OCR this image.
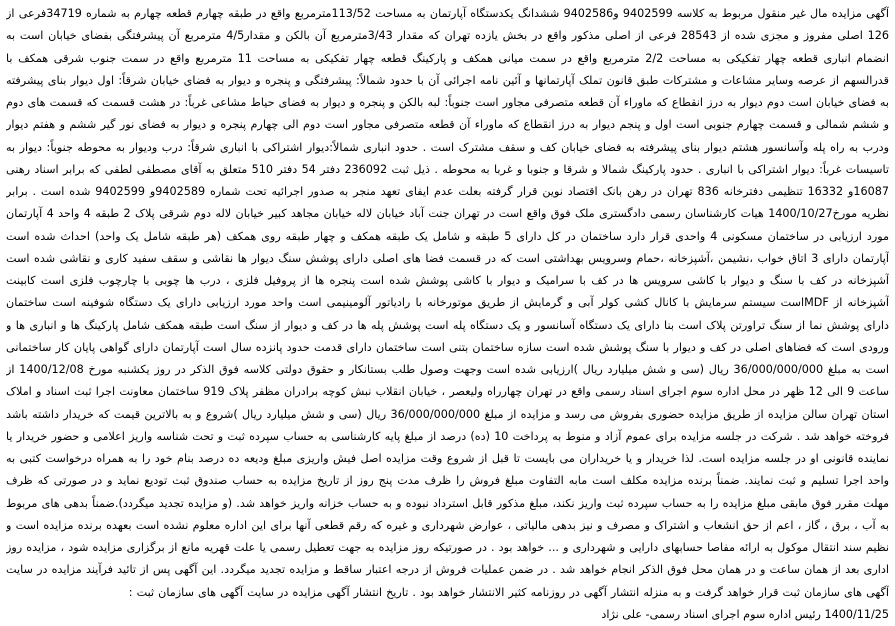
آگهی مزایده مال غیر منقول مربوط به کلاسه 9402599 و9402586 ششدانگ یکدستگاه آپارتمان به مساحت 113/52مترمربع واقع در طبقه چهارم قطعه چهارم به شماره 34719فرعی از 126 اصلی مفروز و مجزی شده از 28543 فرعی از اصلی مذکور واقع در بخش یازده تهران که مقدار 3/43مترمربع آن بالکن و مقدار4/5 مترمربع آن پیشرفتگی بفضای خیابان است به انضمام انباری قطعه چهار تفکیکی به مساحت 2/2 مترمربع واقع در سمت میانی همکف و پارکینگ قطعه چهار تفکیکی به مساحت 11 مترمربع واقع در سمت جنوب شرقی همکف با قدرالسهم از عرصه وسایر مشاعات و مشترکات طبق قانون تملک آپارتمانها و آئین نامه اجرائی آن با حدود شمالاً: پیشرفتگی و پنجره و دیوار به فضای خیابان شرقاً: اول دیوار بنای پیشرفته به فضای خیابان است دوم دیوار به درز انقطاع که ماوراء آن قطعه متصرفی مجاور است جنوباً: لبه بالکن و پنجره و دیوار به فضای حیاط مشاعی غرباً: در هشت قسمت که قسمت های دوم و ششم شمالی و قسمت چهارم جنوبی است اول و پنجم دیوار به درز انقطاع که ماوراء آن قطعه متصرفی مجاور است دوم الی چهارم پنجره و دیوار به فضای نور گیر ششم و هفتم دیوار ودرب به راه پله وآسانسور هشتم دیوار بنای پیشرفته به فضای خیابان کف و سقف مشترک است . حدود انباری شمالاً:دیوار اشتراکی با انباری شرقاً: درب ودیوار به محوطه جنوباً: دیوار به تاسیسات غرباً: دیوار اشتراکی با انباری . حدود پارکینگ شمالا و شرقا و جنوبا و غربا به محوطه . ذیل ثبت 236092 دفتر 54 دفتر 510 متعلق به آقای مصطفی لطفی که برابر اسناد رهنی 16087و 16332 تنظیمی دفترخانه 836 تهران در رهن بانک اقتصاد نوین قرار گرفته بعلت عدم ایفای تعهد منجر به صدور اجرائیه تحت شماره 9402589و 9402599 شده است . برابر نظریه مورخ1400/10/27 هیات کارشناسان رسمی دادگستری ملک فوق واقع است در تهران جنت آباد خیابان لاله خیابان مجاهد کبیر خیابان لاله دوم شرقی پلاک 2 طبقه 4 واحد 4 آپارتمان مورد ارزیابی در ساختمان مسکونی 4 واحدی قرار دارد ساختمان در کل دارای 5 طبقه و شامل یک طبقه همکف و چهار طبقه روی همکف (هر طبقه شامل یک واحد) احداث شده است آپارتمان دارای 3 اتاق خواب ،نشیمن ،آشپزخانه ،حمام وسرویس بهداشتی است که در قسمت فضا های اصلی دارای پوشش سنگ دیوار ها نقاشی و سقف سفید کاری و نقاشی شده است آشپزخانه در کف با سنگ و دیوار با کاشی سرویس ها در کف با سرامیک و دیوار با کاشی پوشش شده است پنجره ها از پروفیل فلزی ، درب ها چوبی با چارچوب فلزی است کابینت آشپزخانه از MDFاست سیستم سرمایش با کانال کشی کولر آبی و گرمایش از طریق موتورخانه با رادیاتور آلومینیمی است واحد مورد ارزیابی دارای یک دستگاه شوفینه است ساختمان دارای پوشش نما از سنگ تراورتن پلاک است بنا دارای یک دستگاه آسانسور و یک دستگاه پله است پوشش پله ها در کف و دیوار از سنگ است طبقه همکف شامل پارکینگ ها و انباری ها و ورودی است که فضاهای اصلی در کف و دیوار با سنگ پوشش شده است سازه ساختمان بتنی است ساختمان دارای قدمت حدود پانزده سال است آپارتمان دارای گواهی پایان کار ساختمانی است به مبلغ 36/000/000/000 ریال (سی و شش میلیارد ریال )ارزیابی شده است وجهت وصول طلب بستانکار و حقوق دولتی کلاسه فوق الذکر در روز یکشنبه مورخ 1400/12/08 از ساعت 9 الی 12 ظهر در محل اداره سوم اجرای اسناد رسمی واقع در تهران چهارراه ولیعصر ، خیابان انقلاب نبش کوچه برادران مظفر پلاک 919 ساختمان معاونت اجرا ثبت اسناد و املاک استان تهران سالن مزایده از طریق مزایده حضوری بفروش می رسد و مزایده از مبلغ 36/000/000/000 ریال (سی و شش میلیارد ریال )شروع و به بالاترین قیمت که خریدار داشته باشد فروخته خواهد شد . شرکت در جلسه مزایده برای عموم آزاد و منوط به پرداخت 10 (ده) درصد از مبلغ پایه کارشناسی به حساب سپرده ثبت و تحت شناسه واریز اعلامی و حضور خریدار یا نماینده قانونی او در جلسه مزایده است. لذا خریدار و یا خریداران می بایست تا قبل از شروع وقت مزایده اصل فیش واریزی مبلغ ودیعه ده درصد بنام خود را به همراه درخواست کتبی به واحد اجرا تسلیم و ثبت نمایند. ضمناً برنده مزایده مکلف است مابه التفاوت مبلغ فروش را ظرف مدت پنج روز از تاریخ مزایده به حساب صندوق ثبت تودیع نماید و در صورتی که ظرف مهلت مقرر فوق مابقی مبلغ مزایده را به حساب سپرده ثبت واریز نکند، مبلغ مذکور قابل استرداد نبوده و به حساب خزانه واریز خواهد شد. (و مزایده تجدید میگردد).ضمناً بدهی های مربوط به آب ، برق ، گاز ، اعم از حق انشعاب و اشتراک و مصرف و نیز بدهی مالیاتی ، عوارض شهرداری و غیره که رقم قطعی آنها برای این اداره معلوم نشده است بعهده برنده مزایده است و نظیم سند انتقال موکول به ارائه مفاصا حسابهای دارایی و شهرداری و ... خواهد بود . در صورتیکه روز مزایده به جهت تعطیل رسمی یا علت قهریه مانع از برگزاری مزایده شود ، مزایده روز اداری بعد از همان ساعت و در همان محل فوق الذکر انجام خواهد شد . در ضمن عملیات فروش از درجه اعتبار ساقط و مزایده تجدید میگردد. این آگهی پس از تائید فرآیند مزایده در سایت آگهی های سازمان ثبت قرار خواهد گرفت و به منزله انتشار آگهی در روزنامه کثیر الانتشار خواهد بود . تاریخ انتشار آگهی مزایده در سایت آگهی های سازمان ثبت :

1400/11/25 رئیس اداره سوم اجرای اسناد رسمی- علی نژاد
